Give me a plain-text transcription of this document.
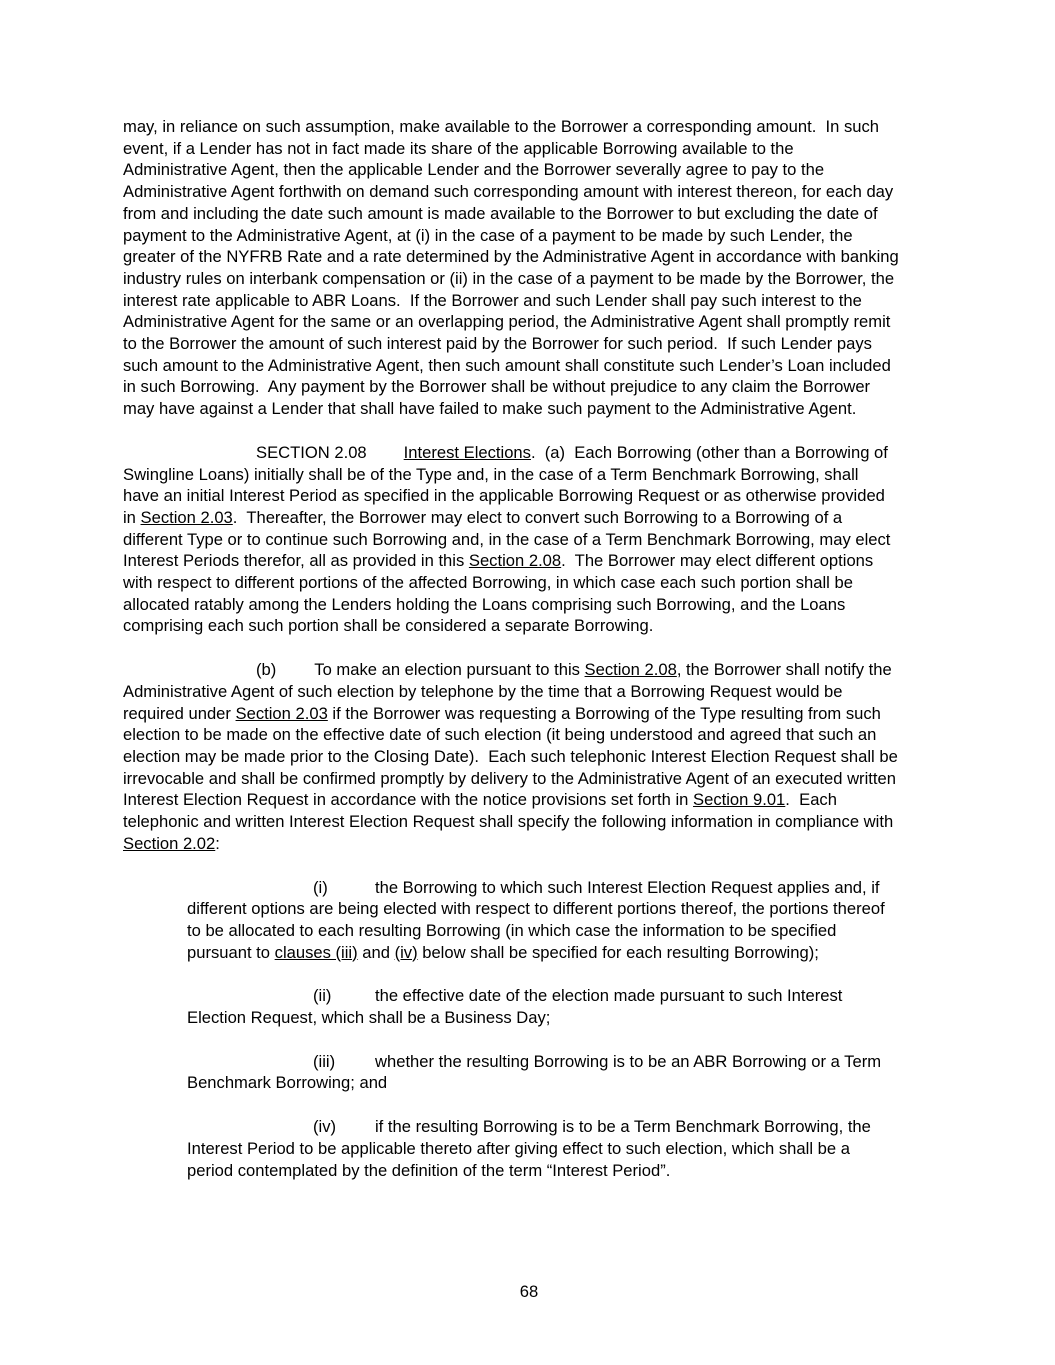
may, in reliance on such assumption, make available to the Borrower a corresponding amount.  In such event, if a Lender has not in fact made its share of the applicable Borrowing available to the Administrative Agent, then the applicable Lender and the Borrower severally agree to pay to the Administrative Agent forthwith on demand such corresponding amount with interest thereon, for each day from and including the date such amount is made available to the Borrower to but excluding the date of payment to the Administrative Agent, at (i) in the case of a payment to be made by such Lender, the greater of the NYFRB Rate and a rate determined by the Administrative Agent in accordance with banking industry rules on interbank compensation or (ii) in the case of a payment to be made by the Borrower, the interest rate applicable to ABR Loans.  If the Borrower and such Lender shall pay such interest to the Administrative Agent for the same or an overlapping period, the Administrative Agent shall promptly remit to the Borrower the amount of such interest paid by the Borrower for such period.  If such Lender pays such amount to the Administrative Agent, then such amount shall constitute such Lender’s Loan included in such Borrowing.  Any payment by the Borrower shall be without prejudice to any claim the Borrower may have against a Lender that shall have failed to make such payment to the Administrative Agent.
SECTION 2.08 Interest Elections.  (a)  Each Borrowing (other than a Borrowing of Swingline Loans) initially shall be of the Type and, in the case of a Term Benchmark Borrowing, shall have an initial Interest Period as specified in the applicable Borrowing Request or as otherwise provided in Section 2.03.  Thereafter, the Borrower may elect to convert such Borrowing to a Borrowing of a different Type or to continue such Borrowing and, in the case of a Term Benchmark Borrowing, may elect Interest Periods therefor, all as provided in this Section 2.08.  The Borrower may elect different options with respect to different portions of the affected Borrowing, in which case each such portion shall be allocated ratably among the Lenders holding the Loans comprising such Borrowing, and the Loans comprising each such portion shall be considered a separate Borrowing.
(b) To make an election pursuant to this Section 2.08, the Borrower shall notify the Administrative Agent of such election by telephone by the time that a Borrowing Request would be required under Section 2.03 if the Borrower was requesting a Borrowing of the Type resulting from such election to be made on the effective date of such election (it being understood and agreed that such an election may be made prior to the Closing Date).  Each such telephonic Interest Election Request shall be irrevocable and shall be confirmed promptly by delivery to the Administrative Agent of an executed written Interest Election Request in accordance with the notice provisions set forth in Section 9.01.  Each telephonic and written Interest Election Request shall specify the following information in compliance with Section 2.02:
(i)	the Borrowing to which such Interest Election Request applies and, if different options are being elected with respect to different portions thereof, the portions thereof to be allocated to each resulting Borrowing (in which case the information to be specified pursuant to clauses (iii) and (iv) below shall be specified for each resulting Borrowing);
(ii)	the effective date of the election made pursuant to such Interest Election Request, which shall be a Business Day;
(iii) whether the resulting Borrowing is to be an ABR Borrowing or a Term Benchmark Borrowing; and
(iv) if the resulting Borrowing is to be a Term Benchmark Borrowing, the Interest Period to be applicable thereto after giving effect to such election, which shall be a period contemplated by the definition of the term “Interest Period”.
68
